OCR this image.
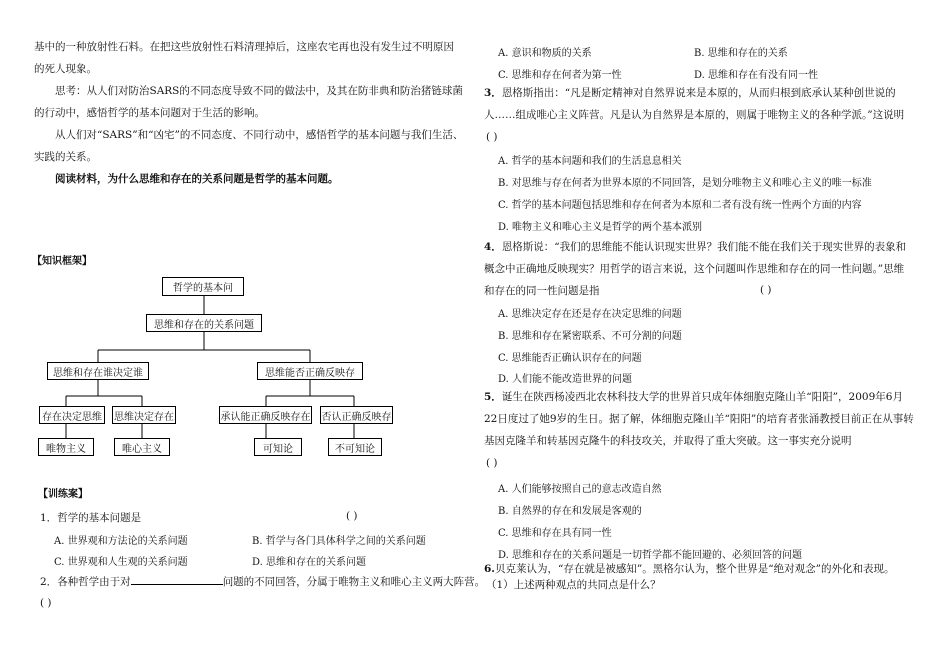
基中的一种放射性石料。在把这些放射性石料清理掉后，这座农宅再也没有发生过不明原因的死人现象。

思考：从人们对防治SARS的不同态度导致不同的做法中，及其在防非典和防治猪链球菌的行动中，感悟哲学的基本问题对于生活的影响。

从人们对“SARS”和“凶宅”的不同态度、不同行动中，感悟哲学的基本问题与我们生活、实践的关系。

阅读材料，为什么思维和存在的关系问题是哲学的基本问题。

【知识框架】
哲学的基本问
思维和存在的关系问题
思维和存在谁决定谁	思维能否正确反映存
存在决定思维	思维决定存在	承认能正确反映存在 否认正确反映存
唯物主义	唯心主义	可知论	不可知论
【训练案】
1．哲学的基本问题是	( )
A. 世界观和方法论的关系问题	B. 哲学与各门具体科学之间的关系问题
C. 世界观和人生观的关系问题	D. 思维和存在的关系问题
2．各种哲学由于对	问题的不同回答，分属于唯物主义和唯心主义两大阵营。
( )
A. 意识和物质的关系	B. 思维和存在的关系
C. 思维和存在何者为第一性	D. 思维和存在有没有同一性
3．恩格斯指出：“凡是断定精神对自然界说来是本原的，从而归根到底承认某种创世说的人……组成唯心主义阵营。凡是认为自然界是本原的，则属于唯物主义的各种学派。”这说明
( )
A. 哲学的基本问题和我们的生活息息相关
B. 对思维与存在何者为世界本原的不同回答，是划分唯物主义和唯心主义的唯一标准
C. 哲学的基本问题包括思维和存在何者为本原和二者有没有统一性两个方面的内容
D. 唯物主义和唯心主义是哲学的两个基本派别
4．恩格斯说：“我们的思维能不能认识现实世界？我们能不能在我们关于现实世界的表象和概念中正确地反映现实？用哲学的语言来说，这个问题叫作思维和存在的同一性问题。”思维和存在的同一性问题是指	( )
A. 思维决定存在还是存在决定思维的问题
B. 思维和存在紧密联系、不可分割的问题
C. 思维能否正确认识存在的问题
D. 人们能不能改造世界的问题
5．诞生在陕西杨凌西北农林科技大学的世界首只成年体细胞克隆山羊“阳阳”，2009年6月22日度过了她9岁的生日。据了解，体细胞克隆山羊“阳阳”的培育者张涌教授目前正在从事转基因克隆羊和转基因克隆牛的科技攻关，并取得了重大突破。这一事实充分说明
( )
A. 人们能够按照自己的意志改造自然
B. 自然界的存在和发展是客观的
C. 思维和存在具有同一性
D. 思维和存在的关系问题是一切哲学都不能回避的、必须回答的问题
6.贝克莱认为，“存在就是被感知”。黑格尔认为，整个世界是“绝对观念”的外化和表现。
（1）上述两种观点的共同点是什么？
